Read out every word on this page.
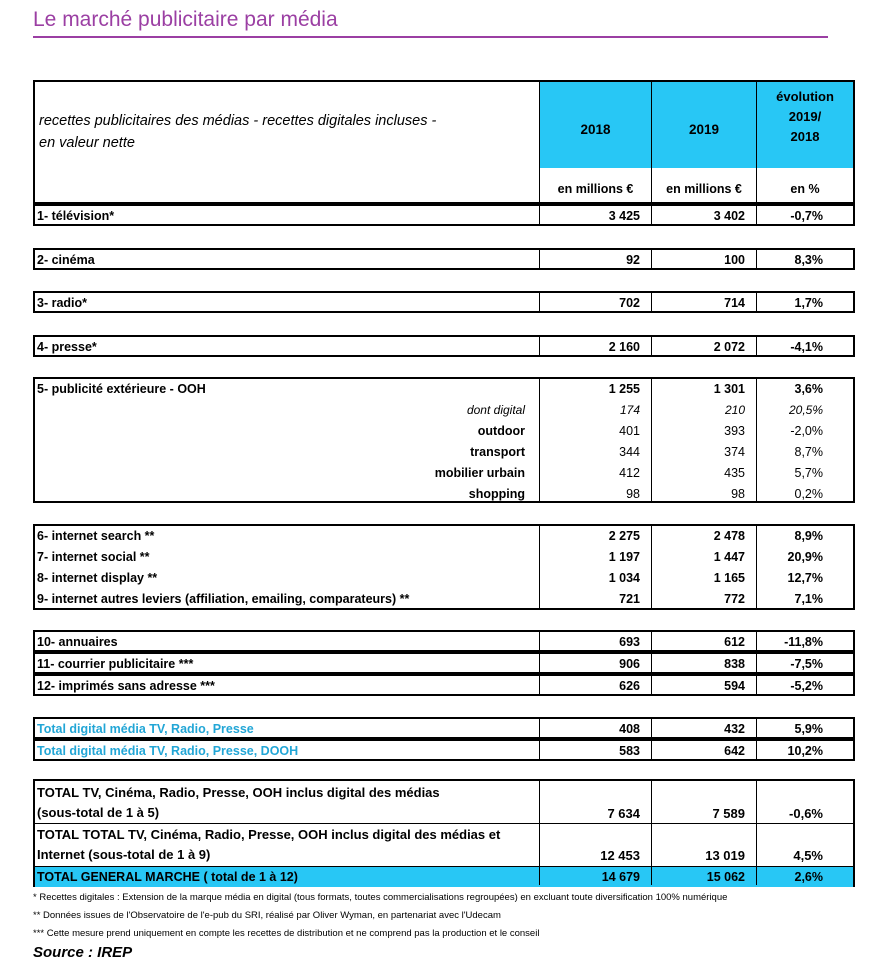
Le marché publicitaire par média
recettes publicitaires des médias - recettes digitales incluses -
en valeur nette
2018	2019
évolution
2019/
2018
en millions €	en millions €	en %
1- télévision*	3 425	3 402	-0,7%
2- cinéma	92	100	8,3%
3- radio*	702	714	1,7%
4- presse*	2 160	2 072	-4,1%
5- publicité extérieure - OOH	1 255	1 301	3,6%
dont digital	174	210	20,5%
outdoor	401	393	-2,0%
transport	344	374	8,7%
mobilier urbain	412	435	5,7%
shopping	98	98	0,2%
6- internet search **	2 275	2 478	8,9%
7- internet social **	1 197	1 447	20,9%
8- internet display **	1 034	1 165	12,7%
9- internet autres leviers (affiliation, emailing, comparateurs) **	721	772	7,1%
10- annuaires	693	612	-11,8%
11- courrier publicitaire ***	906	838	-7,5%
12- imprimés sans adresse ***	626	594	-5,2%
Total digital média TV, Radio, Presse	408	432	5,9%
Total digital média TV, Radio, Presse, DOOH	583	642	10,2%
TOTAL TV, Cinéma, Radio, Presse, OOH inclus digital des médias
(sous-total de 1 à 5)	7 634	7 589	-0,6%
TOTAL TOTAL TV, Cinéma, Radio, Presse, OOH inclus digital des médias et
Internet (sous-total de 1 à 9)	12 453	13 019	4,5%
TOTAL GENERAL MARCHE ( total de 1 à 12)	14 679	15 062	2,6%
* Recettes digitales : Extension de la marque média en digital (tous formats, toutes commercialisations regroupées) en excluant toute diversification 100% numérique
** Données issues de l'Observatoire de l'e-pub du SRI, réalisé par Oliver Wyman, en partenariat avec l'Udecam
*** Cette mesure prend uniquement en compte les recettes de distribution et ne comprend pas la production et le conseil
Source : IREP
